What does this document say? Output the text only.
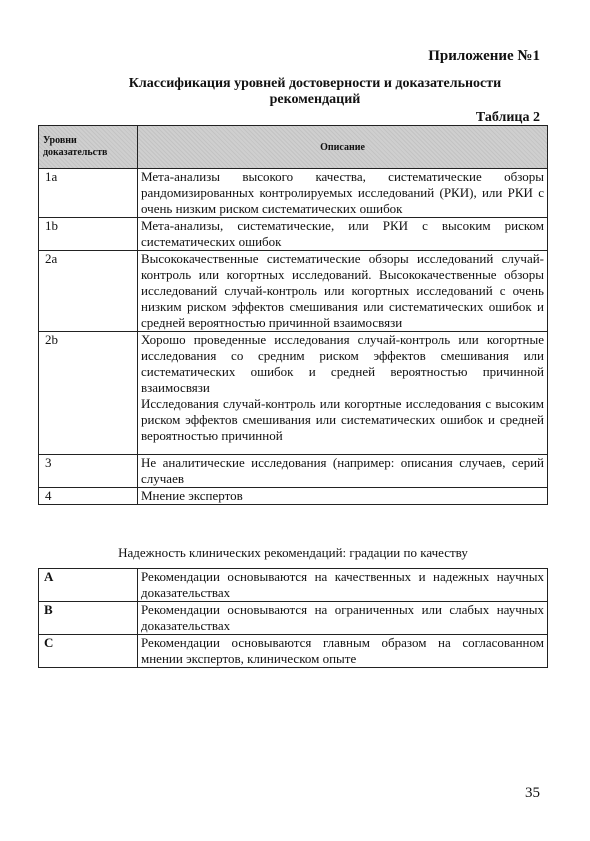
Приложение №1
Классификация уровней достоверности и доказательности
рекомендаций
Таблица 2
Уровни
доказательств	Описание
1a	Мета-анализы высокого качества, систематические обзоры рандомизированных контролируемых исследований (РКИ), или РКИ с очень низким риском систематических ошибок
1b	Мета-анализы, систематические, или РКИ с высоким риском систематических ошибок
2a	Высококачественные систематические обзоры исследований случай-контроль или когортных исследований. Высококачественные обзоры исследований случай-контроль или когортных исследований с очень низким риском эффектов смешивания или систематических ошибок и средней вероятностью причинной взаимосвязи
2b	Хорошо проведенные исследования случай-контроль или когортные исследования со средним риском эффектов смешивания или систематических ошибок и средней вероятностью причинной взаимосвязи
Исследования случай-контроль или когортные исследования с высоким риском эффектов смешивания или систематических ошибок и средней вероятностью причинной

3	Не аналитические исследования (например: описания случаев, серий случаев
4	Мнение экспертов
Надежность клинических рекомендаций: градации по качеству
A	Рекомендации основываются на качественных и надежных научных доказательствах
B	Рекомендации основываются на ограниченных или слабых научных доказательствах
C	Рекомендации основываются главным образом на согласованном мнении экспертов, клиническом опыте
35
